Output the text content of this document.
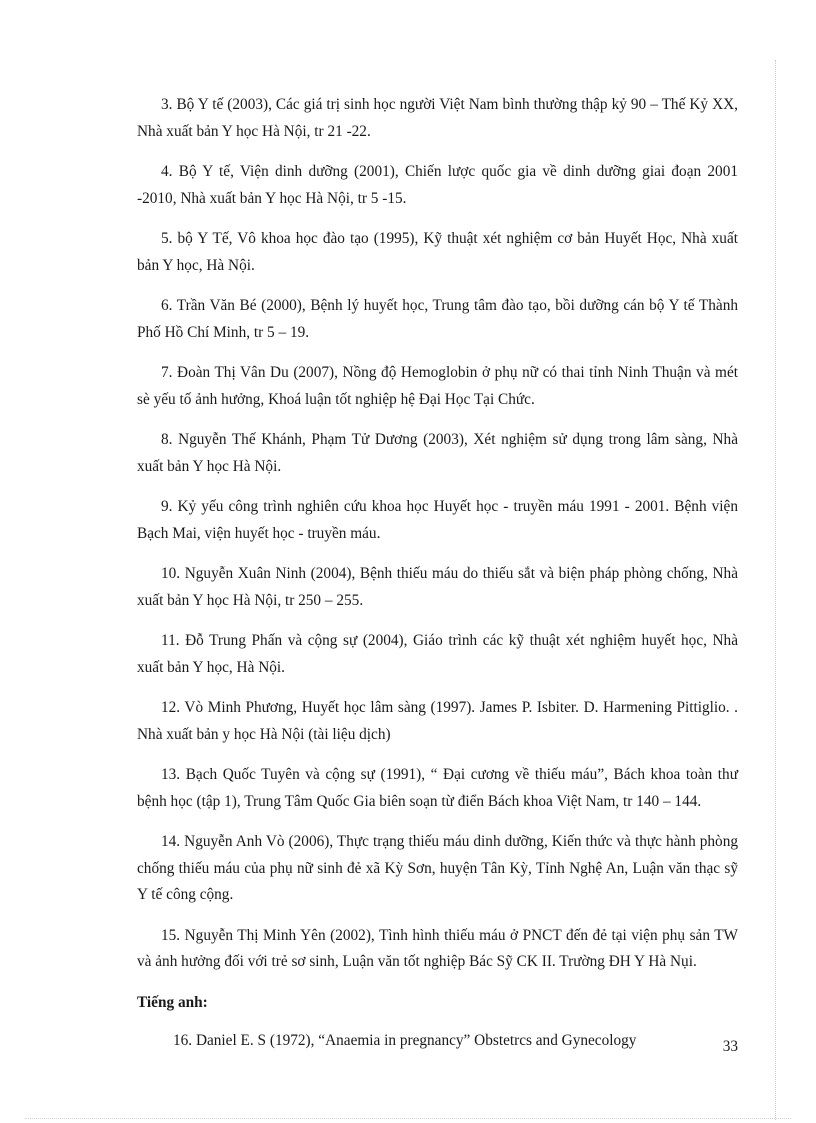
3. Bộ Y tế (2003), Các giá trị sinh học người Việt Nam bình thường thập kỷ 90 – Thế Kỷ XX, Nhà xuất bản Y học Hà Nội, tr 21 -22.

4. Bộ Y tế, Viện dinh dưỡng (2001), Chiến lược quốc gia về dinh dưỡng giai đoạn 2001 -2010, Nhà xuất bản Y học Hà Nội, tr 5 -15.

5. bộ Y Tế, Vô khoa học đào tạo (1995), Kỹ thuật xét nghiệm cơ bản Huyết Học, Nhà xuất bản Y học, Hà Nội.

6. Trần Văn Bé (2000), Bệnh lý huyết học, Trung tâm đào tạo, bồi dưỡng cán bộ Y tế Thành Phố Hồ Chí Minh, tr 5 – 19.

7. Đoàn Thị Vân Du (2007), Nồng độ Hemoglobin ở phụ nữ có thai tỉnh Ninh Thuận và mét sè yếu tố ảnh hưởng, Khoá luận tốt nghiệp hệ Đại Học Tại Chức.

8. Nguyễn Thế Khánh, Phạm Tử Dương (2003), Xét nghiệm sử dụng trong lâm sàng, Nhà xuất bản Y học Hà Nội.

9. Kỷ yếu công trình nghiên cứu khoa học Huyết học - truyền máu 1991 - 2001. Bệnh viện Bạch Mai, viện huyết học - truyền máu.

10. Nguyễn Xuân Ninh (2004), Bệnh thiếu máu do thiếu sắt và biện pháp phòng chống, Nhà xuất bản Y học Hà Nội, tr 250 – 255.

11. Đỗ Trung Phấn và cộng sự (2004), Giáo trình các kỹ thuật xét nghiệm huyết học, Nhà xuất bản Y học, Hà Nội.

12. Vò Minh Phương, Huyết học lâm sàng (1997). James P. Isbiter. D. Harmening Pittiglio. . Nhà xuất bản y học Hà Nội (tài liệu dịch)

13. Bạch Quốc Tuyên và cộng sự (1991), “ Đại cương về thiếu máu”, Bách khoa toàn thư bệnh học (tập 1), Trung Tâm Quốc Gia biên soạn từ điển Bách khoa Việt Nam, tr 140 – 144.

14. Nguyễn Anh Vò (2006), Thực trạng thiếu máu dinh dưỡng, Kiến thức và thực hành phòng chống thiếu máu của phụ nữ sinh đẻ xã Kỳ Sơn, huyện Tân Kỳ, Tỉnh Nghệ An, Luận văn thạc sỹ Y tế công cộng.

15. Nguyễn Thị Minh Yên (2002), Tình hình thiếu máu ở PNCT đến đẻ tại viện phụ sản TW và ảnh hưởng đối với trẻ sơ sinh, Luận văn tốt nghiệp Bác Sỹ CK II. Trường ĐH Y Hà Nụi.

Tiếng anh:

16. Daniel E. S (1972), “Anaemia in pregnancy” Obstetrcs and Gynecology	33
